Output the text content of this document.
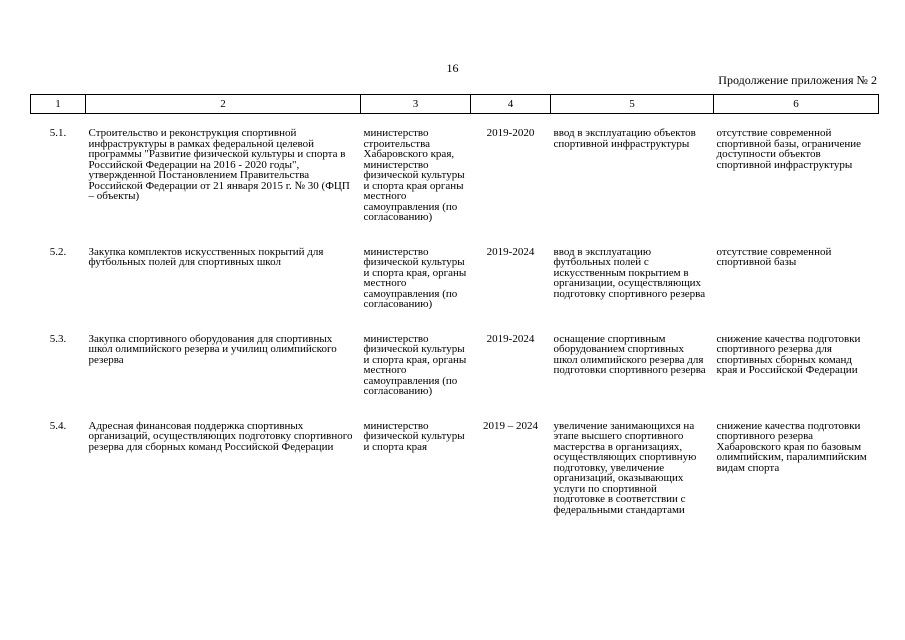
16
Продолжение приложения № 2
1	2	3	4	5	6

5.1.	Строительство и реконструкция спортивной инфраструктуры в рамках федеральной целевой программы "Развитие физической культуры и спорта в Российской Федерации на 2016 - 2020 годы", утвержденной Постановлением Правительства Российской Федерации от 21 января 2015 г. № 30 (ФЦП – объекты)	министерство строительства Хабаровского края, министерство физической культуры и спорта края органы местного самоуправления (по согласованию)	2019-2020	ввод в эксплуатацию объектов спортивной инфраструктуры	отсутствие современной спортивной базы, ограничение доступности объектов спортивной инфраструктуры

5.2.	Закупка комплектов искусственных покрытий для футбольных полей для спортивных школ	министерство физической культуры и спорта края, органы местного самоуправления (по согласованию)	2019-2024	ввод в эксплуатацию футбольных полей с искусственным покрытием в организации, осуществляющих подготовку спортивного резерва	отсутствие современной спортивной базы

5.3.	Закупка спортивного оборудования для спортивных школ олимпийского резерва и училищ олимпийского резерва	министерство физической культуры и спорта края, органы местного самоуправления (по согласованию)	2019-2024	оснащение спортивным оборудованием спортивных школ олимпийского резерва для подготовки спортивного резерва	снижение качества подготовки спортивного резерва для спортивных сборных команд края и Российской Федерации

5.4.	Адресная финансовая поддержка спортивных организаций, осуществляющих подготовку спортивного резерва для сборных команд Российской Федерации	министерство физической культуры и спорта края	2019 – 2024	увеличение занимающихся на этапе высшего спортивного мастерства в организациях, осуществляющих спортивную подготовку, увеличение организаций, оказывающих услуги по спортивной подготовке в соответствии с федеральными стандартами	снижение качества подготовки спортивного резерва Хабаровского края по базовым олимпийским, паралимпийским видам спорта
